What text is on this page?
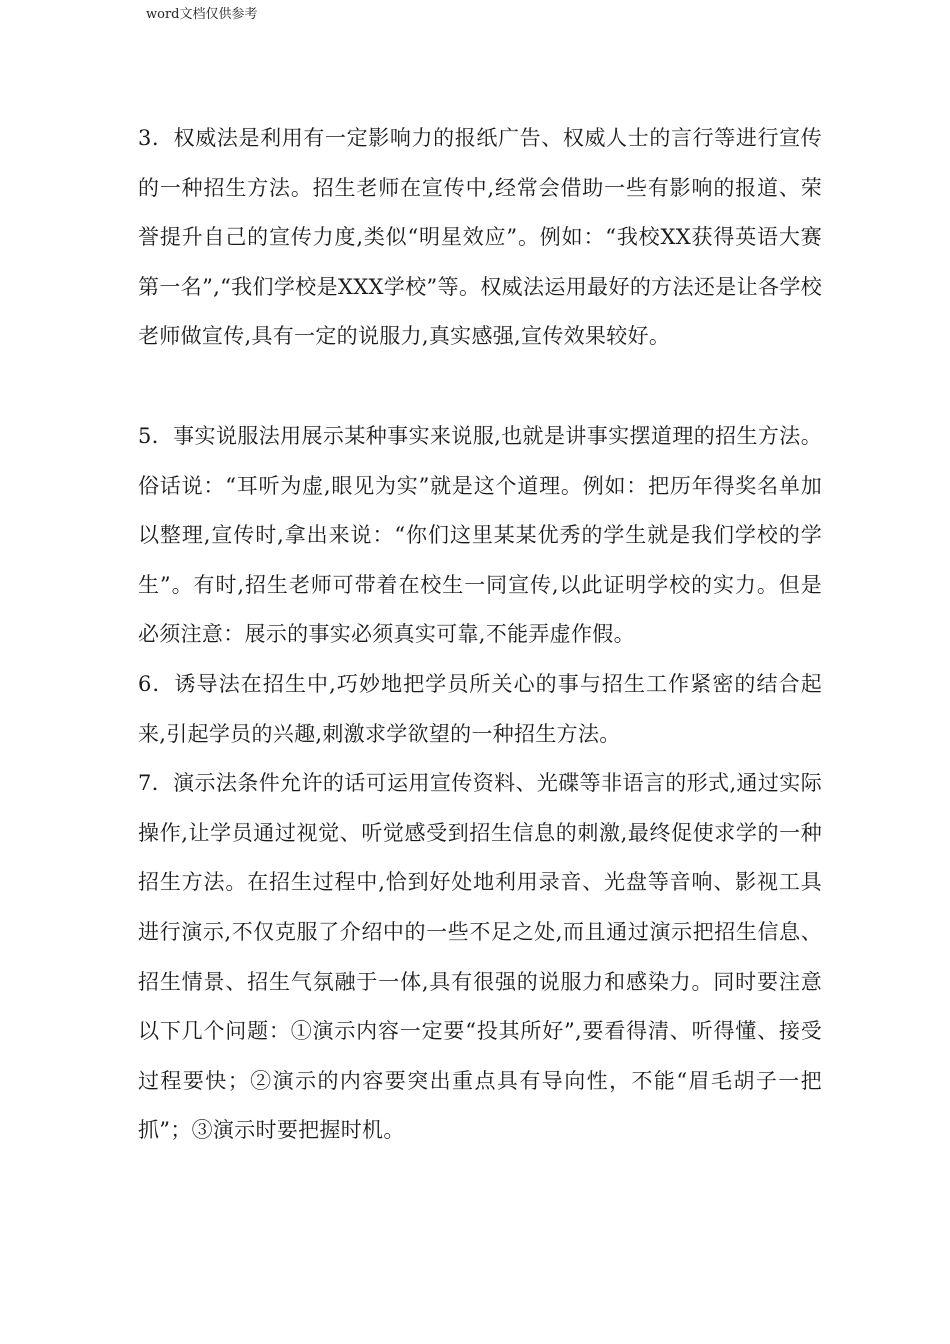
word文档仅供参考

3．权威法是利用有一定影响力的报纸广告、权威人士的言行等进行宣传的一种招生方法。招生老师在宣传中,经常会借助一些有影响的报道、荣誉提升自己的宣传力度,类似“明星效应”。例如：“我校XX获得英语大赛第一名”,“我们学校是XXX学校”等。权威法运用最好的方法还是让各学校老师做宣传,具有一定的说服力,真实感强,宣传效果较好。

5．事实说服法用展示某种事实来说服,也就是讲事实摆道理的招生方法。俗话说：“耳听为虚,眼见为实”就是这个道理。例如：把历年得奖名单加以整理,宣传时,拿出来说：“你们这里某某优秀的学生就是我们学校的学生”。有时,招生老师可带着在校生一同宣传,以此证明学校的实力。但是必须注意：展示的事实必须真实可靠,不能弄虚作假。

6．诱导法在招生中,巧妙地把学员所关心的事与招生工作紧密的结合起来,引起学员的兴趣,刺激求学欲望的一种招生方法。

7．演示法条件允许的话可运用宣传资料、光碟等非语言的形式,通过实际操作,让学员通过视觉、听觉感受到招生信息的刺激,最终促使求学的一种招生方法。在招生过程中,恰到好处地利用录音、光盘等音响、影视工具进行演示,不仅克服了介绍中的一些不足之处,而且通过演示把招生信息、招生情景、招生气氛融于一体,具有很强的说服力和感染力。同时要注意以下几个问题：①演示内容一定要“投其所好”,要看得清、听得懂、接受过程要快；②演示的内容要突出重点具有导向性，不能“眉毛胡子一把抓”；③演示时要把握时机。
